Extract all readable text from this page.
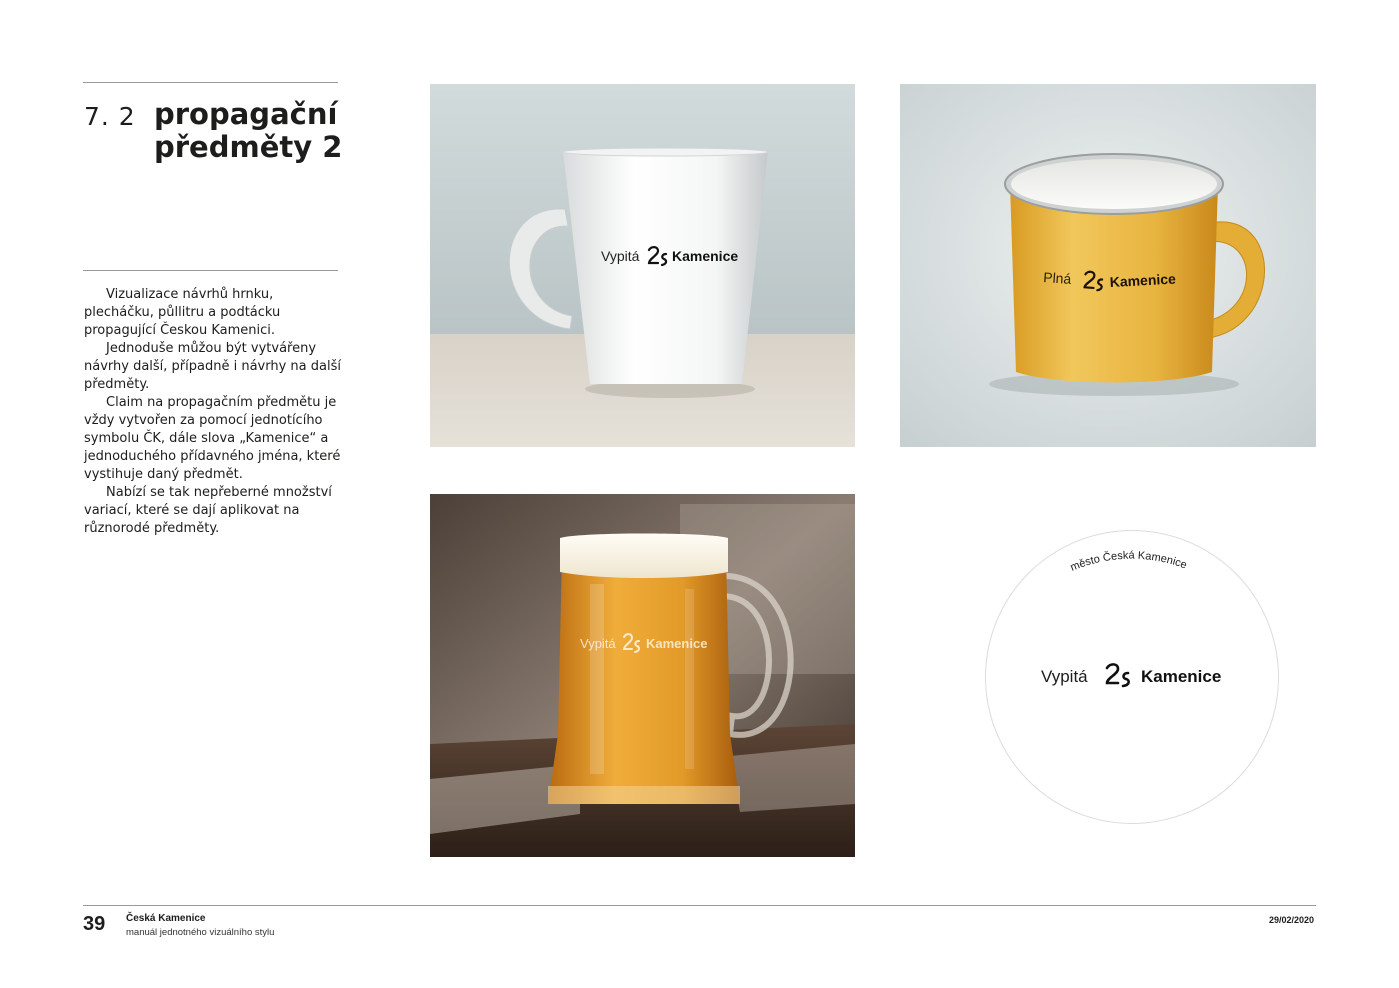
7. 2 propagační
předměty 2

Vizualizace návrhů hrnku, plecháčku, půllitru a podtácku propagující Českou Kamenici.

Jednoduše můžou být vytvářeny návrhy další, případně i návrhy na další předměty.

Claim na propagačním předmětu je vždy vytvořen za pomocí jednotícího symbolu ČK, dále slova „Kamenice“ a jednoduchého přídavného jména, které vystihuje daný předmět.

Nabízí se tak nepřeberné množství variací, které se dají aplikovat na různorodé předměty.

Vypitá Kamenice
Plná	Kamenice
Vypitá Kamenice
město Česká Kamenice
Vypitá	Kamenice
39 Česká Kamenice
manuál jednotného vizuálního stylu
29/02/2020
